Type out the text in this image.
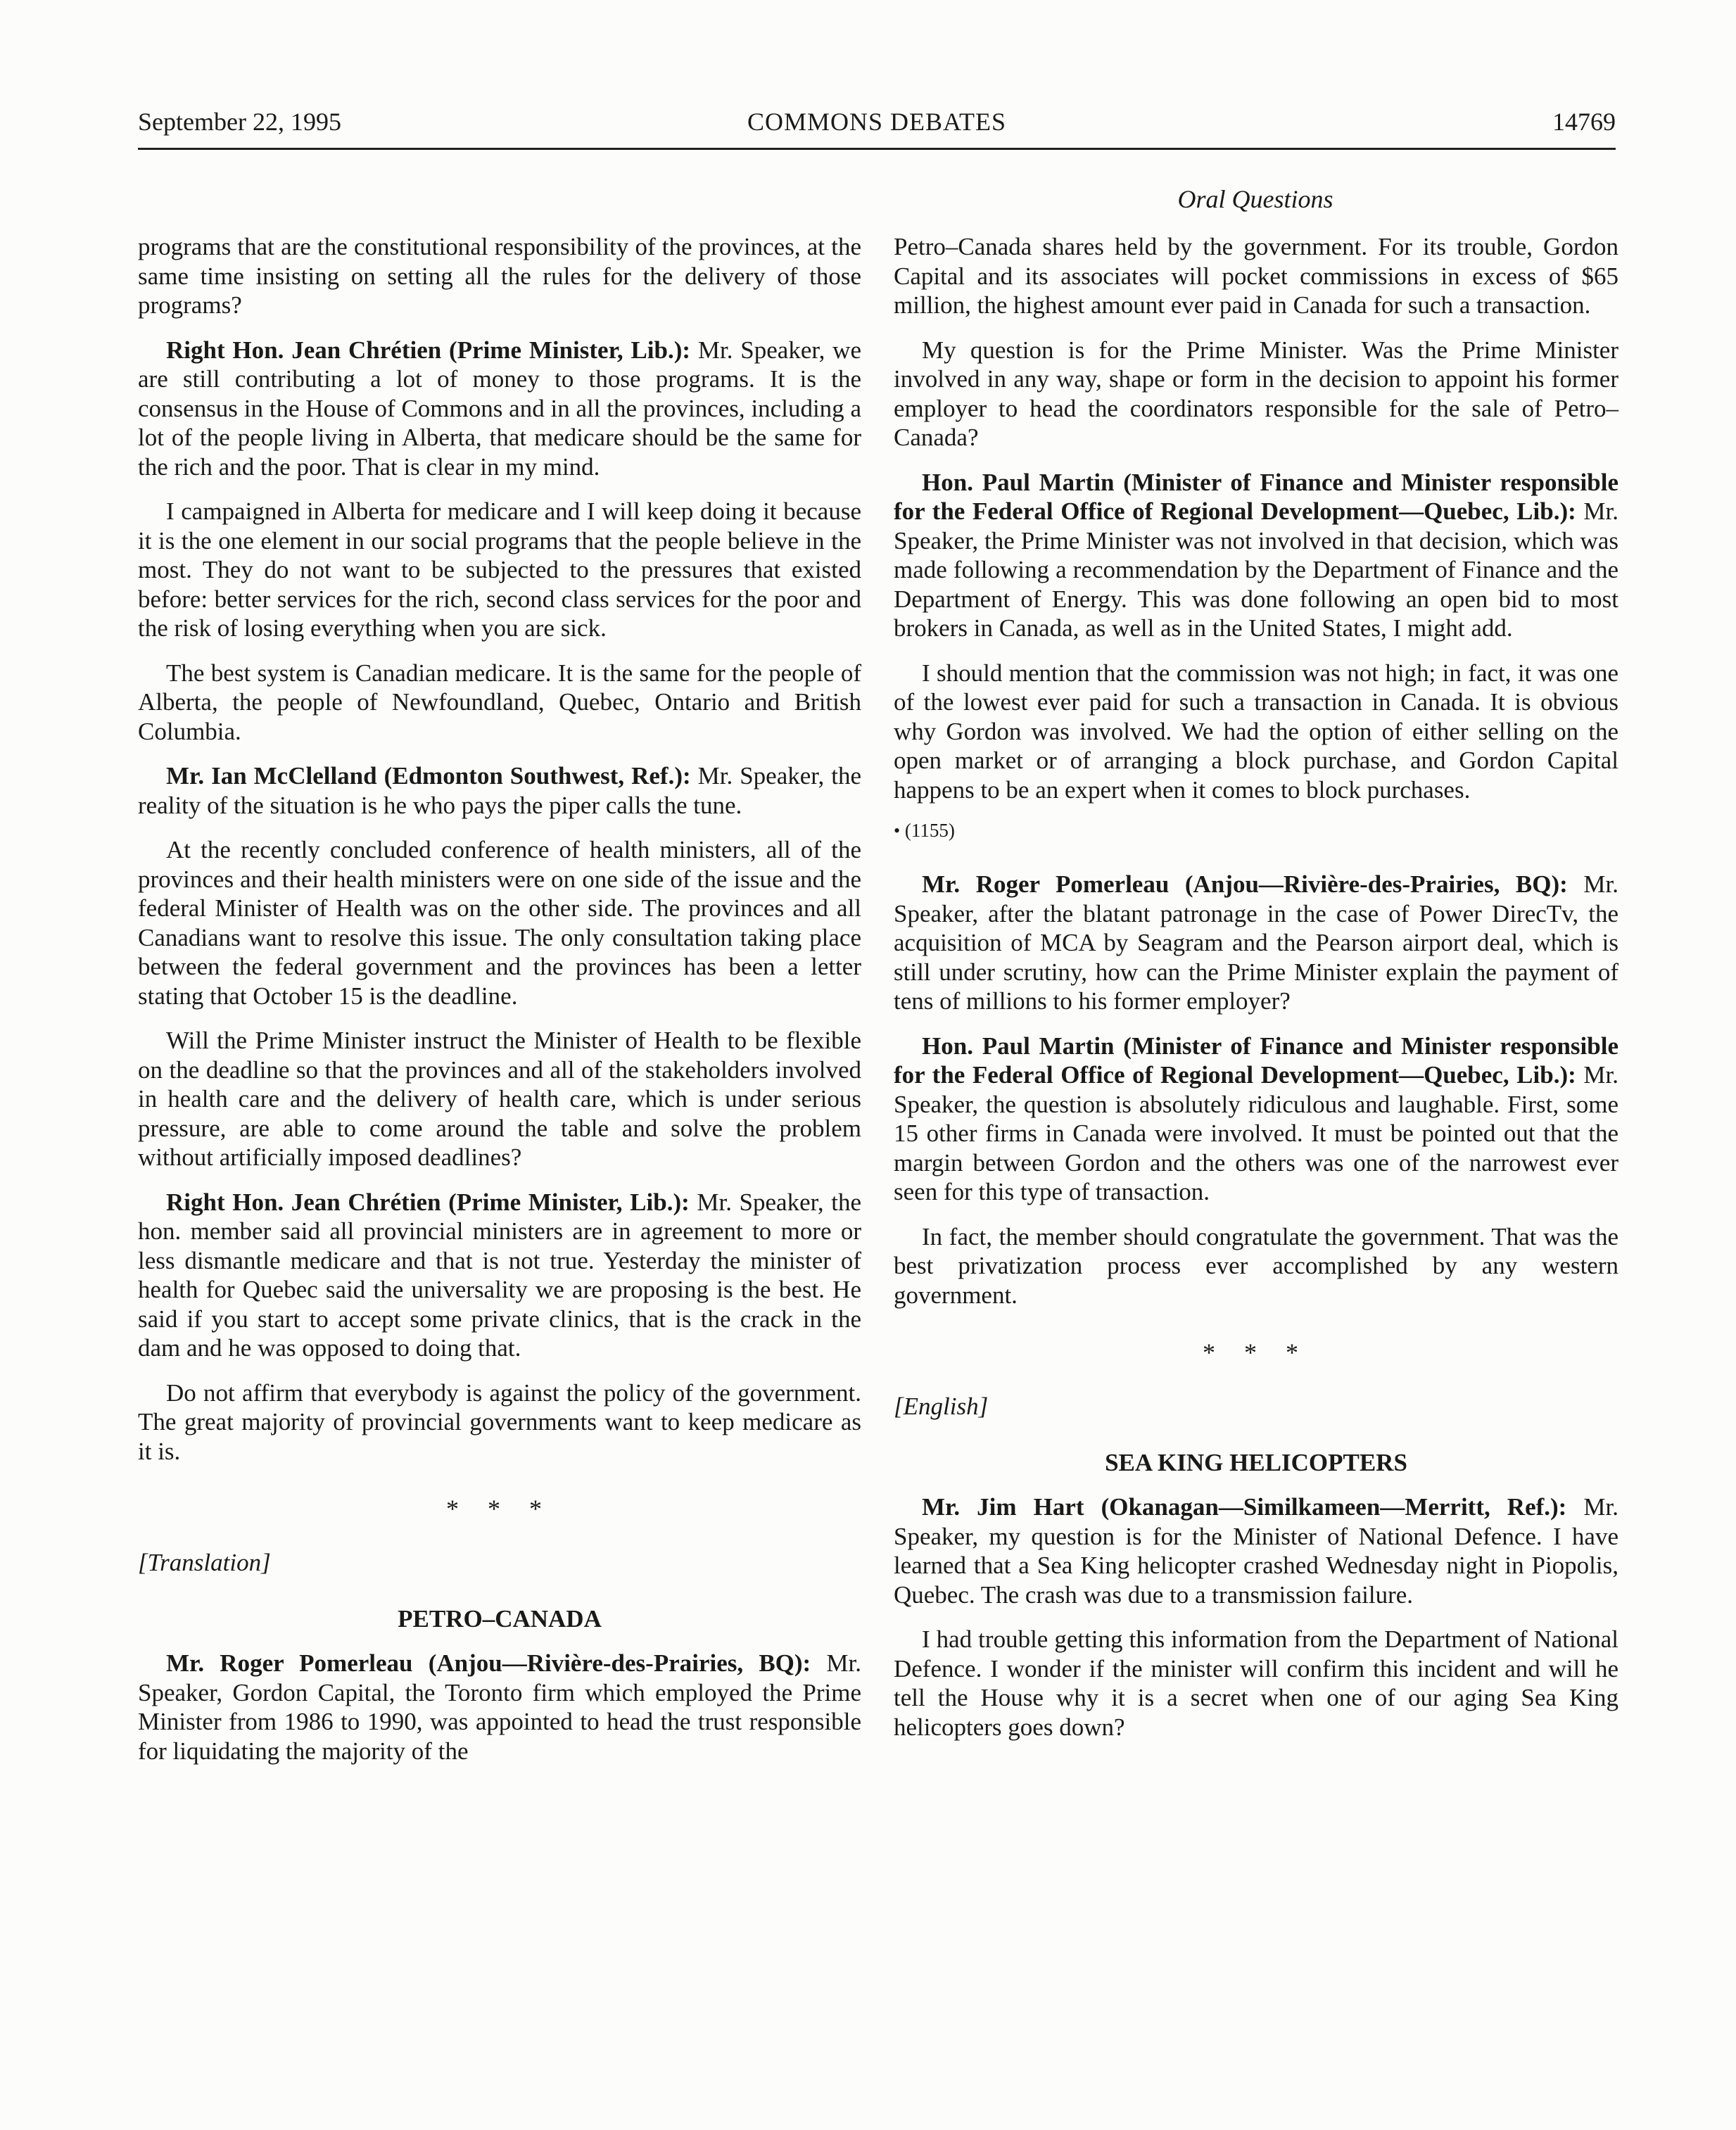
September 22, 1995	COMMONS DEBATES	14769
Oral Questions

programs that are the constitutional responsibility of the provinces, at the same time insisting on setting all the rules for the delivery of those programs?

Right Hon. Jean Chrétien (Prime Minister, Lib.): Mr. Speaker, we are still contributing a lot of money to those programs. It is the consensus in the House of Commons and in all the provinces, including a lot of the people living in Alberta, that medicare should be the same for the rich and the poor. That is clear in my mind.

I campaigned in Alberta for medicare and I will keep doing it because it is the one element in our social programs that the people believe in the most. They do not want to be subjected to the pressures that existed before: better services for the rich, second class services for the poor and the risk of losing everything when you are sick.

The best system is Canadian medicare. It is the same for the people of Alberta, the people of Newfoundland, Quebec, Ontario and British Columbia.

Mr. Ian McClelland (Edmonton Southwest, Ref.): Mr. Speaker, the reality of the situation is he who pays the piper calls the tune.

At the recently concluded conference of health ministers, all of the provinces and their health ministers were on one side of the issue and the federal Minister of Health was on the other side. The provinces and all Canadians want to resolve this issue. The only consultation taking place between the federal government and the provinces has been a letter stating that October 15 is the deadline.

Will the Prime Minister instruct the Minister of Health to be flexible on the deadline so that the provinces and all of the stakeholders involved in health care and the delivery of health care, which is under serious pressure, are able to come around the table and solve the problem without artificially imposed deadlines?

Right Hon. Jean Chrétien (Prime Minister, Lib.): Mr. Speaker, the hon. member said all provincial ministers are in agreement to more or less dismantle medicare and that is not true. Yesterday the minister of health for Quebec said the universality we are proposing is the best. He said if you start to accept some private clinics, that is the crack in the dam and he was opposed to doing that.

Do not affirm that everybody is against the policy of the government. The great majority of provincial governments want to keep medicare as it is.

* * *
[Translation]
PETRO–CANADA

Mr. Roger Pomerleau (Anjou—Rivière-des-Prairies, BQ): Mr. Speaker, Gordon Capital, the Toronto firm which employed the Prime Minister from 1986 to 1990, was appointed to head the trust responsible for liquidating the majority of the

Petro–Canada shares held by the government. For its trouble, Gordon Capital and its associates will pocket commissions in excess of $65 million, the highest amount ever paid in Canada for such a transaction.

My question is for the Prime Minister. Was the Prime Minister involved in any way, shape or form in the decision to appoint his former employer to head the coordinators responsible for the sale of Petro–Canada?

Hon. Paul Martin (Minister of Finance and Minister responsible for the Federal Office of Regional Development—Quebec, Lib.): Mr. Speaker, the Prime Minister was not involved in that decision, which was made following a recommendation by the Department of Finance and the Department of Energy. This was done following an open bid to most brokers in Canada, as well as in the United States, I might add.

I should mention that the commission was not high; in fact, it was one of the lowest ever paid for such a transaction in Canada. It is obvious why Gordon was involved. We had the option of either selling on the open market or of arranging a block purchase, and Gordon Capital happens to be an expert when it comes to block purchases.

• (1155)

Mr. Roger Pomerleau (Anjou—Rivière-des-Prairies, BQ): Mr. Speaker, after the blatant patronage in the case of Power DirecTv, the acquisition of MCA by Seagram and the Pearson airport deal, which is still under scrutiny, how can the Prime Minister explain the payment of tens of millions to his former employer?

Hon. Paul Martin (Minister of Finance and Minister responsible for the Federal Office of Regional Development—Quebec, Lib.): Mr. Speaker, the question is absolutely ridiculous and laughable. First, some 15 other firms in Canada were involved. It must be pointed out that the margin between Gordon and the others was one of the narrowest ever seen for this type of transaction.

In fact, the member should congratulate the government. That was the best privatization process ever accomplished by any western government.

* * *
[English]
SEA KING HELICOPTERS

Mr. Jim Hart (Okanagan—Similkameen—Merritt, Ref.): Mr. Speaker, my question is for the Minister of National Defence. I have learned that a Sea King helicopter crashed Wednesday night in Piopolis, Quebec. The crash was due to a transmission failure.

I had trouble getting this information from the Department of National Defence. I wonder if the minister will confirm this incident and will he tell the House why it is a secret when one of our aging Sea King helicopters goes down?
